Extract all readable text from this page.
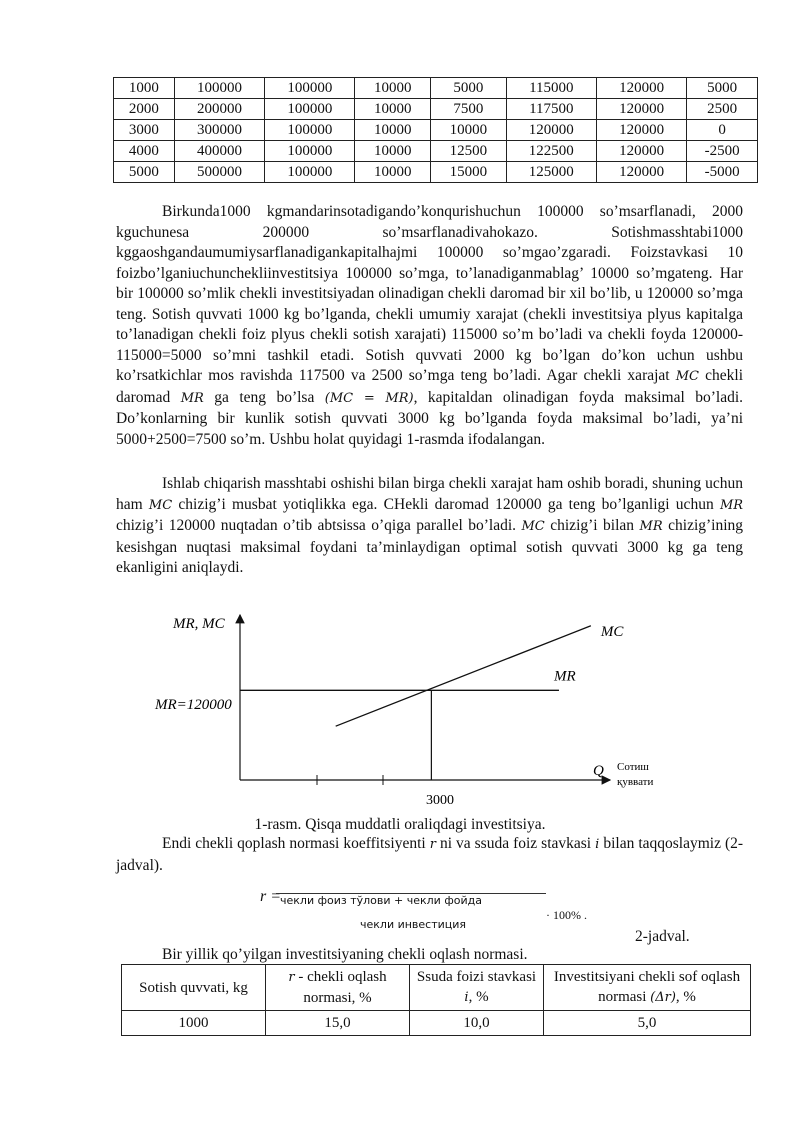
1000	100000	100000	10000	5000	115000	120000	5000
2000	200000	100000	10000	7500	117500	120000	2500
3000	300000	100000	10000	10000	120000	120000	0
4000	400000	100000	10000	12500	122500	120000	-2500
5000	500000	100000	10000	15000	125000	120000	-5000

Birkunda1000 kgmandarinsotadigando’konqurishuchun 100000 so’msarflanadi, 2000 kguchunesa 200000 so’msarflanadivahokazo. Sotishmasshtabi1000 kggaoshgandaumumiysarflanadigankapitalhajmi 100000 so’mgao’zgaradi. Foizstavkasi 10 foizbo’lganiuchunchekliinvestitsiya 100000 so’mga, to’lanadiganmablag’ 10000 so’mgateng. Har bir 100000 so’mlik chekli investitsiyadan olinadigan chekli daromad bir xil bo’lib, u 120000 so’mga teng. Sotish quvvati 1000 kg bo’lganda, chekli umumiy xarajat (chekli investitsiya plyus kapitalga to’lanadigan chekli foiz plyus chekli sotish xarajati) 115000 so’m bo’ladi va chekli foyda 120000-115000=5000 so’mni tashkil etadi. Sotish quvvati 2000 kg bo’lgan do’kon uchun ushbu ko’rsatkichlar mos ravishda 117500 va 2500 so’mga teng bo’ladi. Agar chekli xarajat MC chekli daromad MR ga teng bo’lsa (MC = MR), kapitaldan olinadigan foyda maksimal bo’ladi. Do’konlarning bir kunlik sotish quvvati 3000 kg bo’lganda foyda maksimal bo’ladi, ya’ni 5000+2500=7500 so’m. Ushbu holat quyidagi 1-rasmda ifodalangan.

Ishlab chiqarish masshtabi oshishi bilan birga chekli xarajat ham oshib boradi, shuning uchun ham MC chizig’i musbat yotiqlikka ega. CHekli daromad 120000 ga teng bo’lganligi uchun MR chizig’i 120000 nuqtadan o’tib abtsissa o’qiga parallel bo’ladi. MC chizig’i bilan MR chizig’ining kesishgan nuqtasi maksimal foydani ta’minlaydigan optimal sotish quvvati 3000 kg ga teng ekanligini aniqlaydi.

MC
MR
MR, MC
MR=120000
Q Сотиш
қуввати
3000
1-rasm. Qisqa muddatli oraliqdagi investitsiya.

Endi chekli qoplash normasi koeffitsiyenti r ni va ssuda foiz stavkasi i bilan taqqoslaymiz (2-jadval).

r =
чекли фоиз тўлови + чекли фойда
чекли инвестиция
· 100% .
2-jadval.
Bir yillik qo’yilgan investitsiyaning chekli oqlash normasi.
Sotish quvvati, kg	r - chekli oqlash normasi, %	Ssuda foizi stavkasi i, %	Investitsiyani chekli sof oqlash normasi (Δr), %
1000	15,0	10,0	5,0
